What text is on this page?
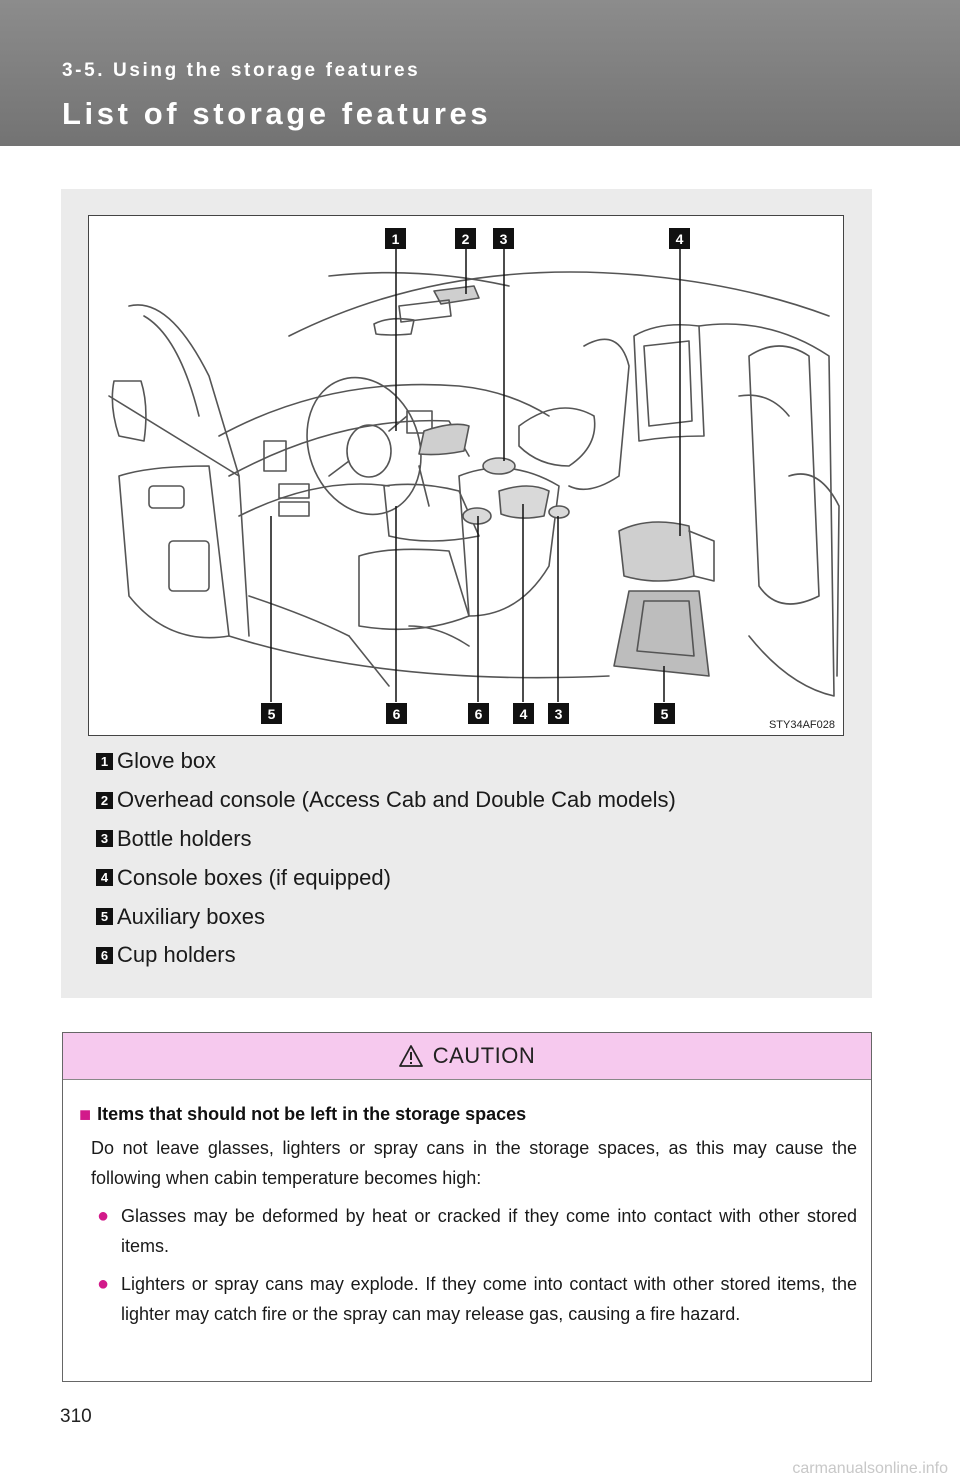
3-5. Using the storage features
List of storage features
1	2	3	4
5	6	6	4	3	5
STY34AF028
1 Glove box
2 Overhead console (Access Cab and Double Cab models)
3 Bottle holders
4 Console boxes (if equipped)
5 Auxiliary boxes
6 Cup holders
CAUTION
■ Items that should not be left in the storage spaces
Do not leave glasses, lighters or spray cans in the storage spaces, as this may cause the following when cabin temperature becomes high:
● Glasses may be deformed by heat or cracked if they come into contact with other stored items.
● Lighters or spray cans may explode. If they come into contact with other stored items, the lighter may catch fire or the spray can may release gas, causing a fire hazard.
310
carmanualsonline.info
